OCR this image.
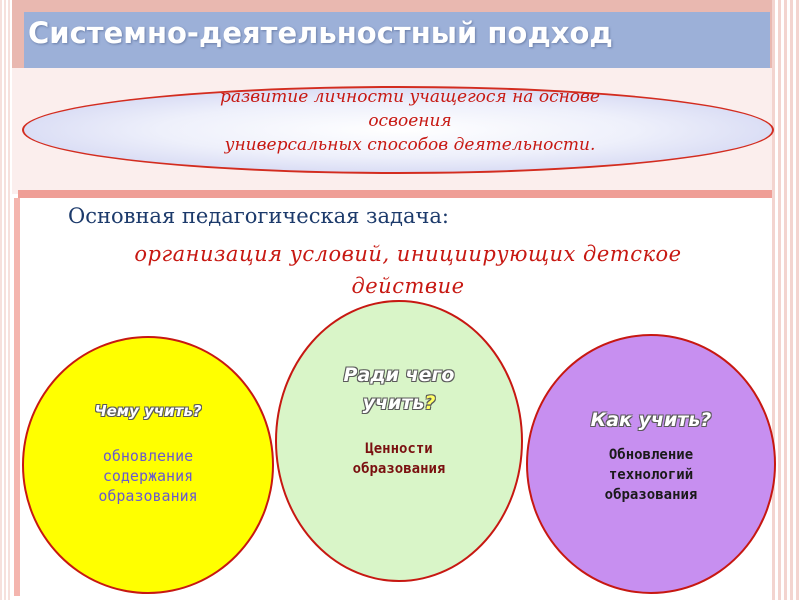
Системно-деятельностный подход
развитие личности учащегося на основе
освоения
универсальных способов деятельности.
Основная педагогическая задача:
организация условий, инициирующих детское
действие
Чему учить?
обновление
содержания
образования
Ради чего
учить?
Ценности
образования
Как учить?
Обновление
технологий
образования
